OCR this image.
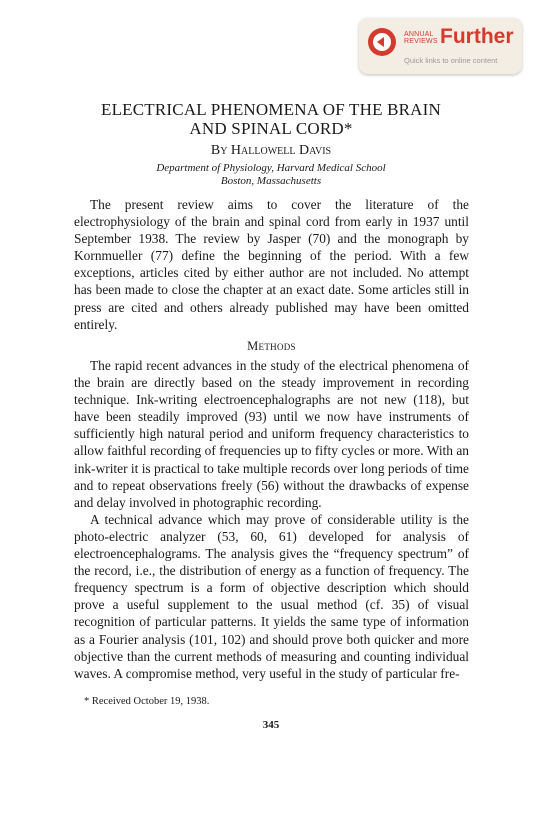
ANNUAL
REVIEWS Further
Quick links to online content
ELECTRICAL PHENOMENA OF THE BRAIN
AND SPINAL CORD*
By Hallowell Davis
Department of Physiology, Harvard Medical School
Boston, Massachusetts

The present review aims to cover the literature of the electrophysiology of the brain and spinal cord from early in 1937 until September 1938. The review by Jasper (70) and the monograph by Kornmueller (77) define the beginning of the period. With a few exceptions, articles cited by either author are not included. No attempt has been made to close the chapter at an exact date. Some articles still in press are cited and others already published may have been omitted entirely.

Methods

The rapid recent advances in the study of the electrical phenomena of the brain are directly based on the steady improvement in recording technique. Ink-writing electroencephalographs are not new (118), but have been steadily improved (93) until we now have instruments of sufficiently high natural period and uniform frequency characteristics to allow faithful recording of frequencies up to fifty cycles or more. With an ink-writer it is practical to take multiple records over long periods of time and to repeat observations freely (56) without the drawbacks of expense and delay involved in photographic recording.

A technical advance which may prove of considerable utility is the photo-electric analyzer (53, 60, 61) developed for analysis of electroencephalograms. The analysis gives the “frequency spectrum” of the record, i.e., the distribution of energy as a function of frequency. The frequency spectrum is a form of objective description which should prove a useful supplement to the usual method (cf. 35) of visual recognition of particular patterns. It yields the same type of information as a Fourier analysis (101, 102) and should prove both quicker and more objective than the current methods of measuring and counting individual waves. A compromise method, very useful in the study of particular fre-

* Received October 19, 1938.
345
